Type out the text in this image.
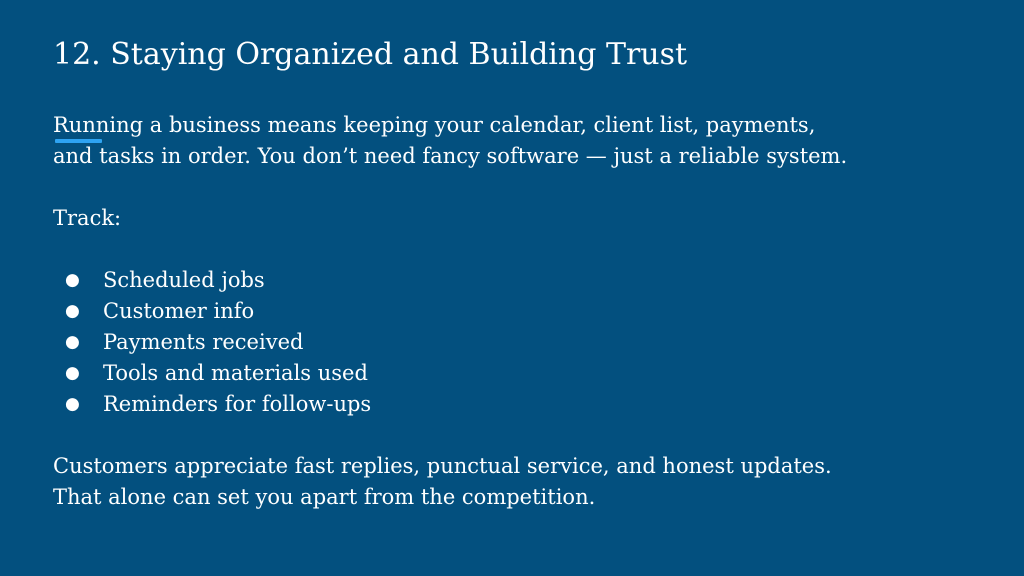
12. Staying Organized and Building Trust

Running a business means keeping your calendar, client list, payments,

and tasks in order. You don’t need fancy software — just a reliable system.

Track:

● Scheduled jobs
● Customer info
● Payments received
● Tools and materials used
● Reminders for follow-ups

Customers appreciate fast replies, punctual service, and honest updates.

That alone can set you apart from the competition.
